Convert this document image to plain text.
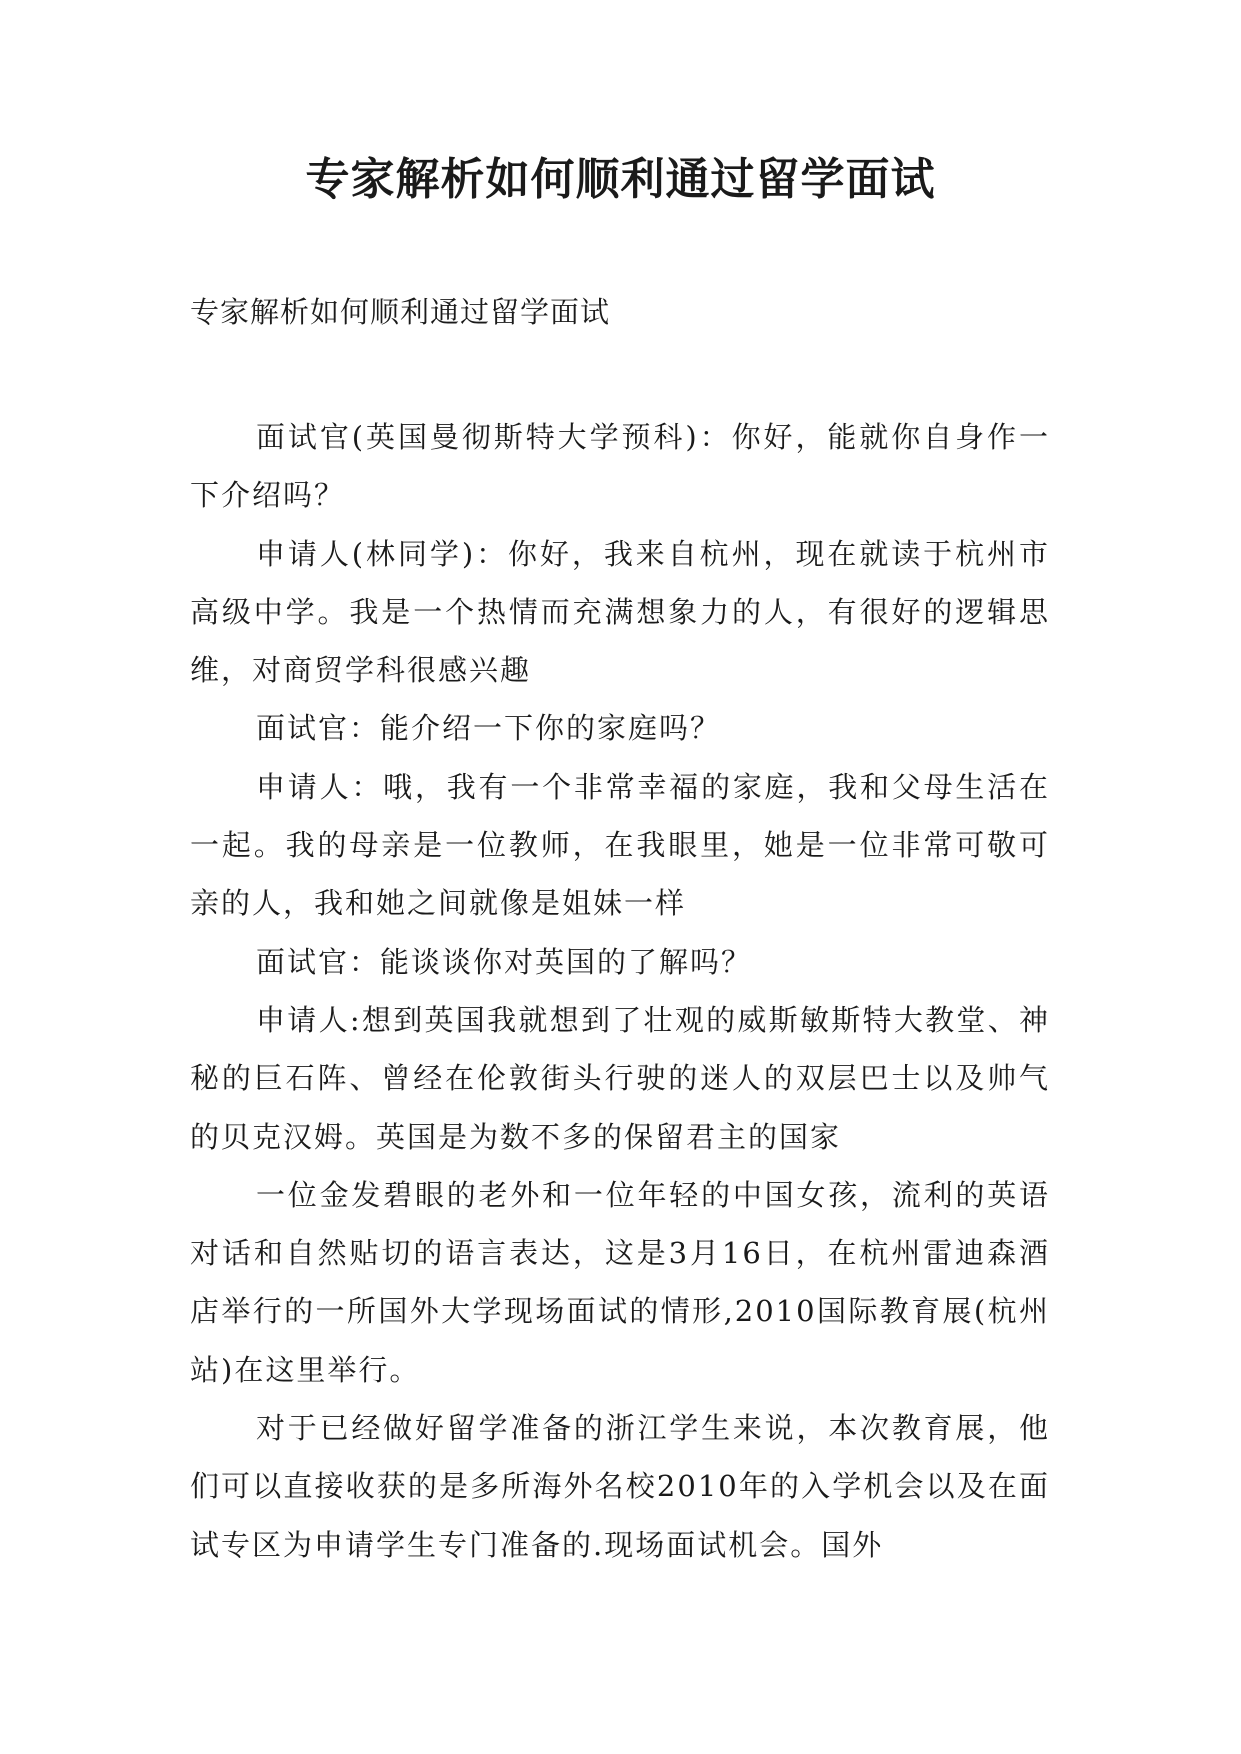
专家解析如何顺利通过留学面试
专家解析如何顺利通过留学面试

面试官(英国曼彻斯特大学预科)：你好，能就你自身作一下介绍吗？

申请人(林同学)：你好，我来自杭州，现在就读于杭州市高级中学。我是一个热情而充满想象力的人，有很好的逻辑思维，对商贸学科很感兴趣

面试官：能介绍一下你的家庭吗？

申请人：哦，我有一个非常幸福的家庭，我和父母生活在一起。我的母亲是一位教师，在我眼里，她是一位非常可敬可亲的人，我和她之间就像是姐妹一样

面试官：能谈谈你对英国的了解吗？

申请人:想到英国我就想到了壮观的威斯敏斯特大教堂、神秘的巨石阵、曾经在伦敦街头行驶的迷人的双层巴士以及帅气的贝克汉姆。英国是为数不多的保留君主的国家

一位金发碧眼的老外和一位年轻的中国女孩，流利的英语对话和自然贴切的语言表达，这是3月16日，在杭州雷迪森酒店举行的一所国外大学现场面试的情形,2010国际教育展(杭州站)在这里举行。

对于已经做好留学准备的浙江学生来说，本次教育展，他们可以直接收获的是多所海外名校2010年的入学机会以及在面试专区为申请学生专门准备的.现场面试机会。国外
